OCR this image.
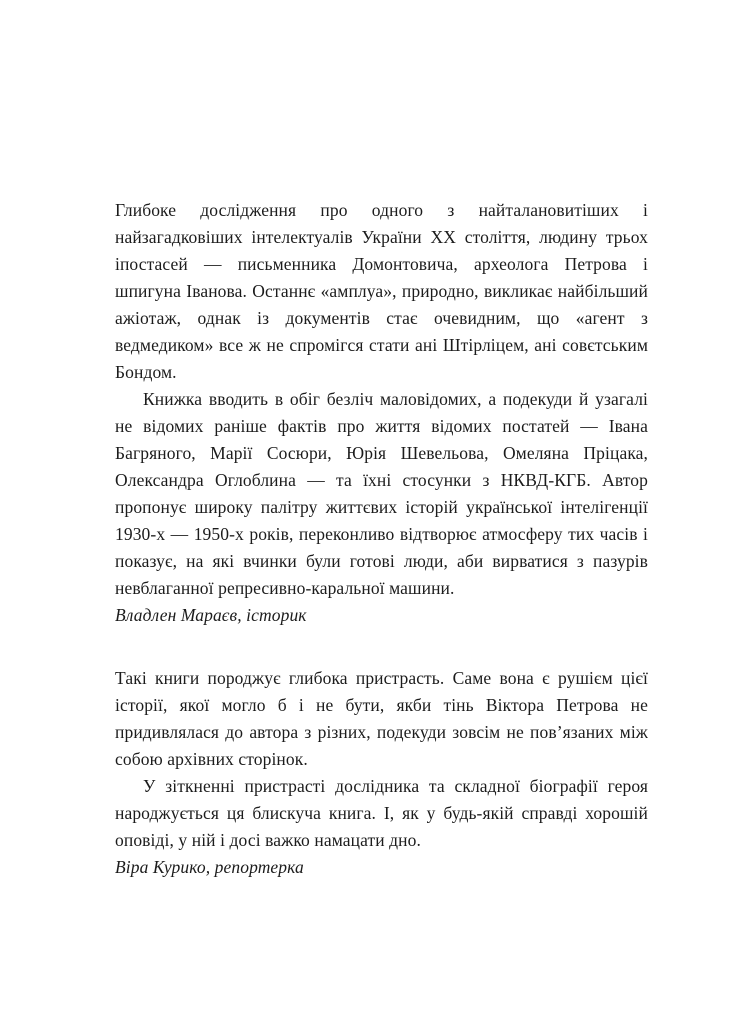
Глибоке дослідження про одного з найталановитіших і найзагадковіших інтелектуалів України ХХ століття, людину трьох іпостасей — письменника Домонтовича, археолога Петрова і шпигуна Іванова. Останнє «амплуа», природно, викликає найбільший ажіотаж, однак із документів стає очевидним, що «агент з ведмедиком» все ж не спромігся стати ані Штірліцем, ані совєтським Бондом.

Книжка вводить в обіг безліч маловідомих, а подекуди й узагалі не відомих раніше фактів про життя відомих постатей — Івана Багряного, Марії Сосюри, Юрія Шевельова, Омеляна Пріцака, Олександра Оглоблина — та їхні стосунки з НКВД-КГБ. Автор пропонує широку палітру життєвих історій української інтелігенції 1930-х — 1950-х років, переконливо відтворює атмосферу тих часів і показує, на які вчинки були готові люди, аби вирватися з пазурів невблаганної репресивно-каральної машини.

Владлен Мараєв, історик

Такі книги породжує глибока пристрасть. Саме вона є рушієм цієї історії, якої могло б і не бути, якби тінь Віктора Петрова не придивлялася до автора з різних, подекуди зовсім не пов’язаних між собою архівних сторінок.

У зіткненні пристрасті дослідника та складної біографії героя народжується ця блискуча книга. І, як у будь-якій справді хорошій оповіді, у ній і досі важко намацати дно.

Віра Курико, репортерка
